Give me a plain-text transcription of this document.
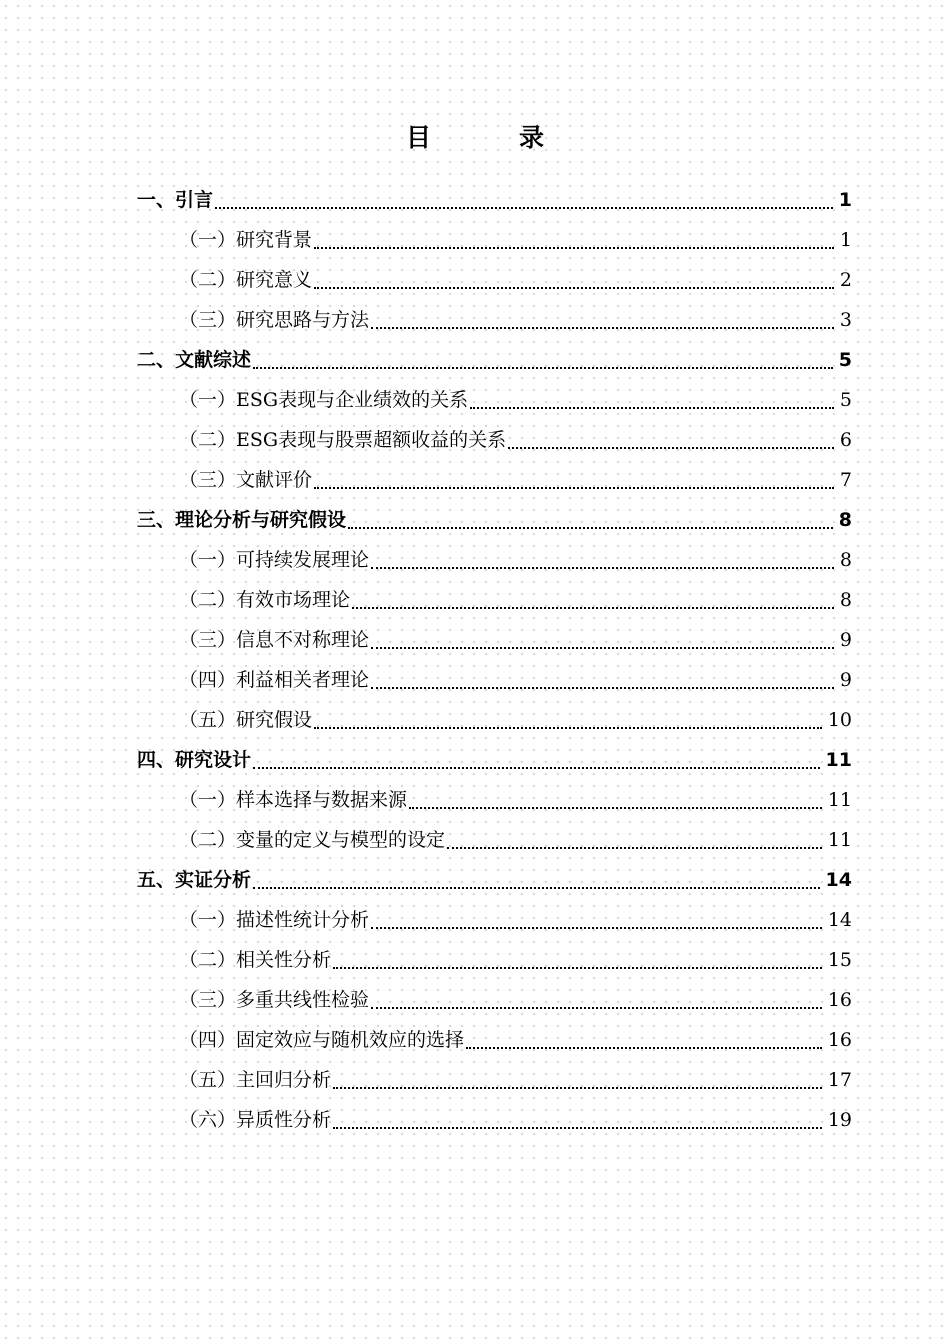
目	录
一、引言	1
（一）研究背景	1
（二）研究意义	2
（三）研究思路与方法	3
二、文献综述	5
（一）ESG表现与企业绩效的关系	5
（二）ESG表现与股票超额收益的关系	6
（三）文献评价	7
三、理论分析与研究假设	8
（一）可持续发展理论	8
（二）有效市场理论	8
（三）信息不对称理论	9
（四）利益相关者理论	9
（五）研究假设	10
四、研究设计	11
（一）样本选择与数据来源	11
（二）变量的定义与模型的设定	11
五、实证分析	14
（一）描述性统计分析	14
（二）相关性分析	15
（三）多重共线性检验	16
（四）固定效应与随机效应的选择	16
（五）主回归分析	17
（六）异质性分析	19
